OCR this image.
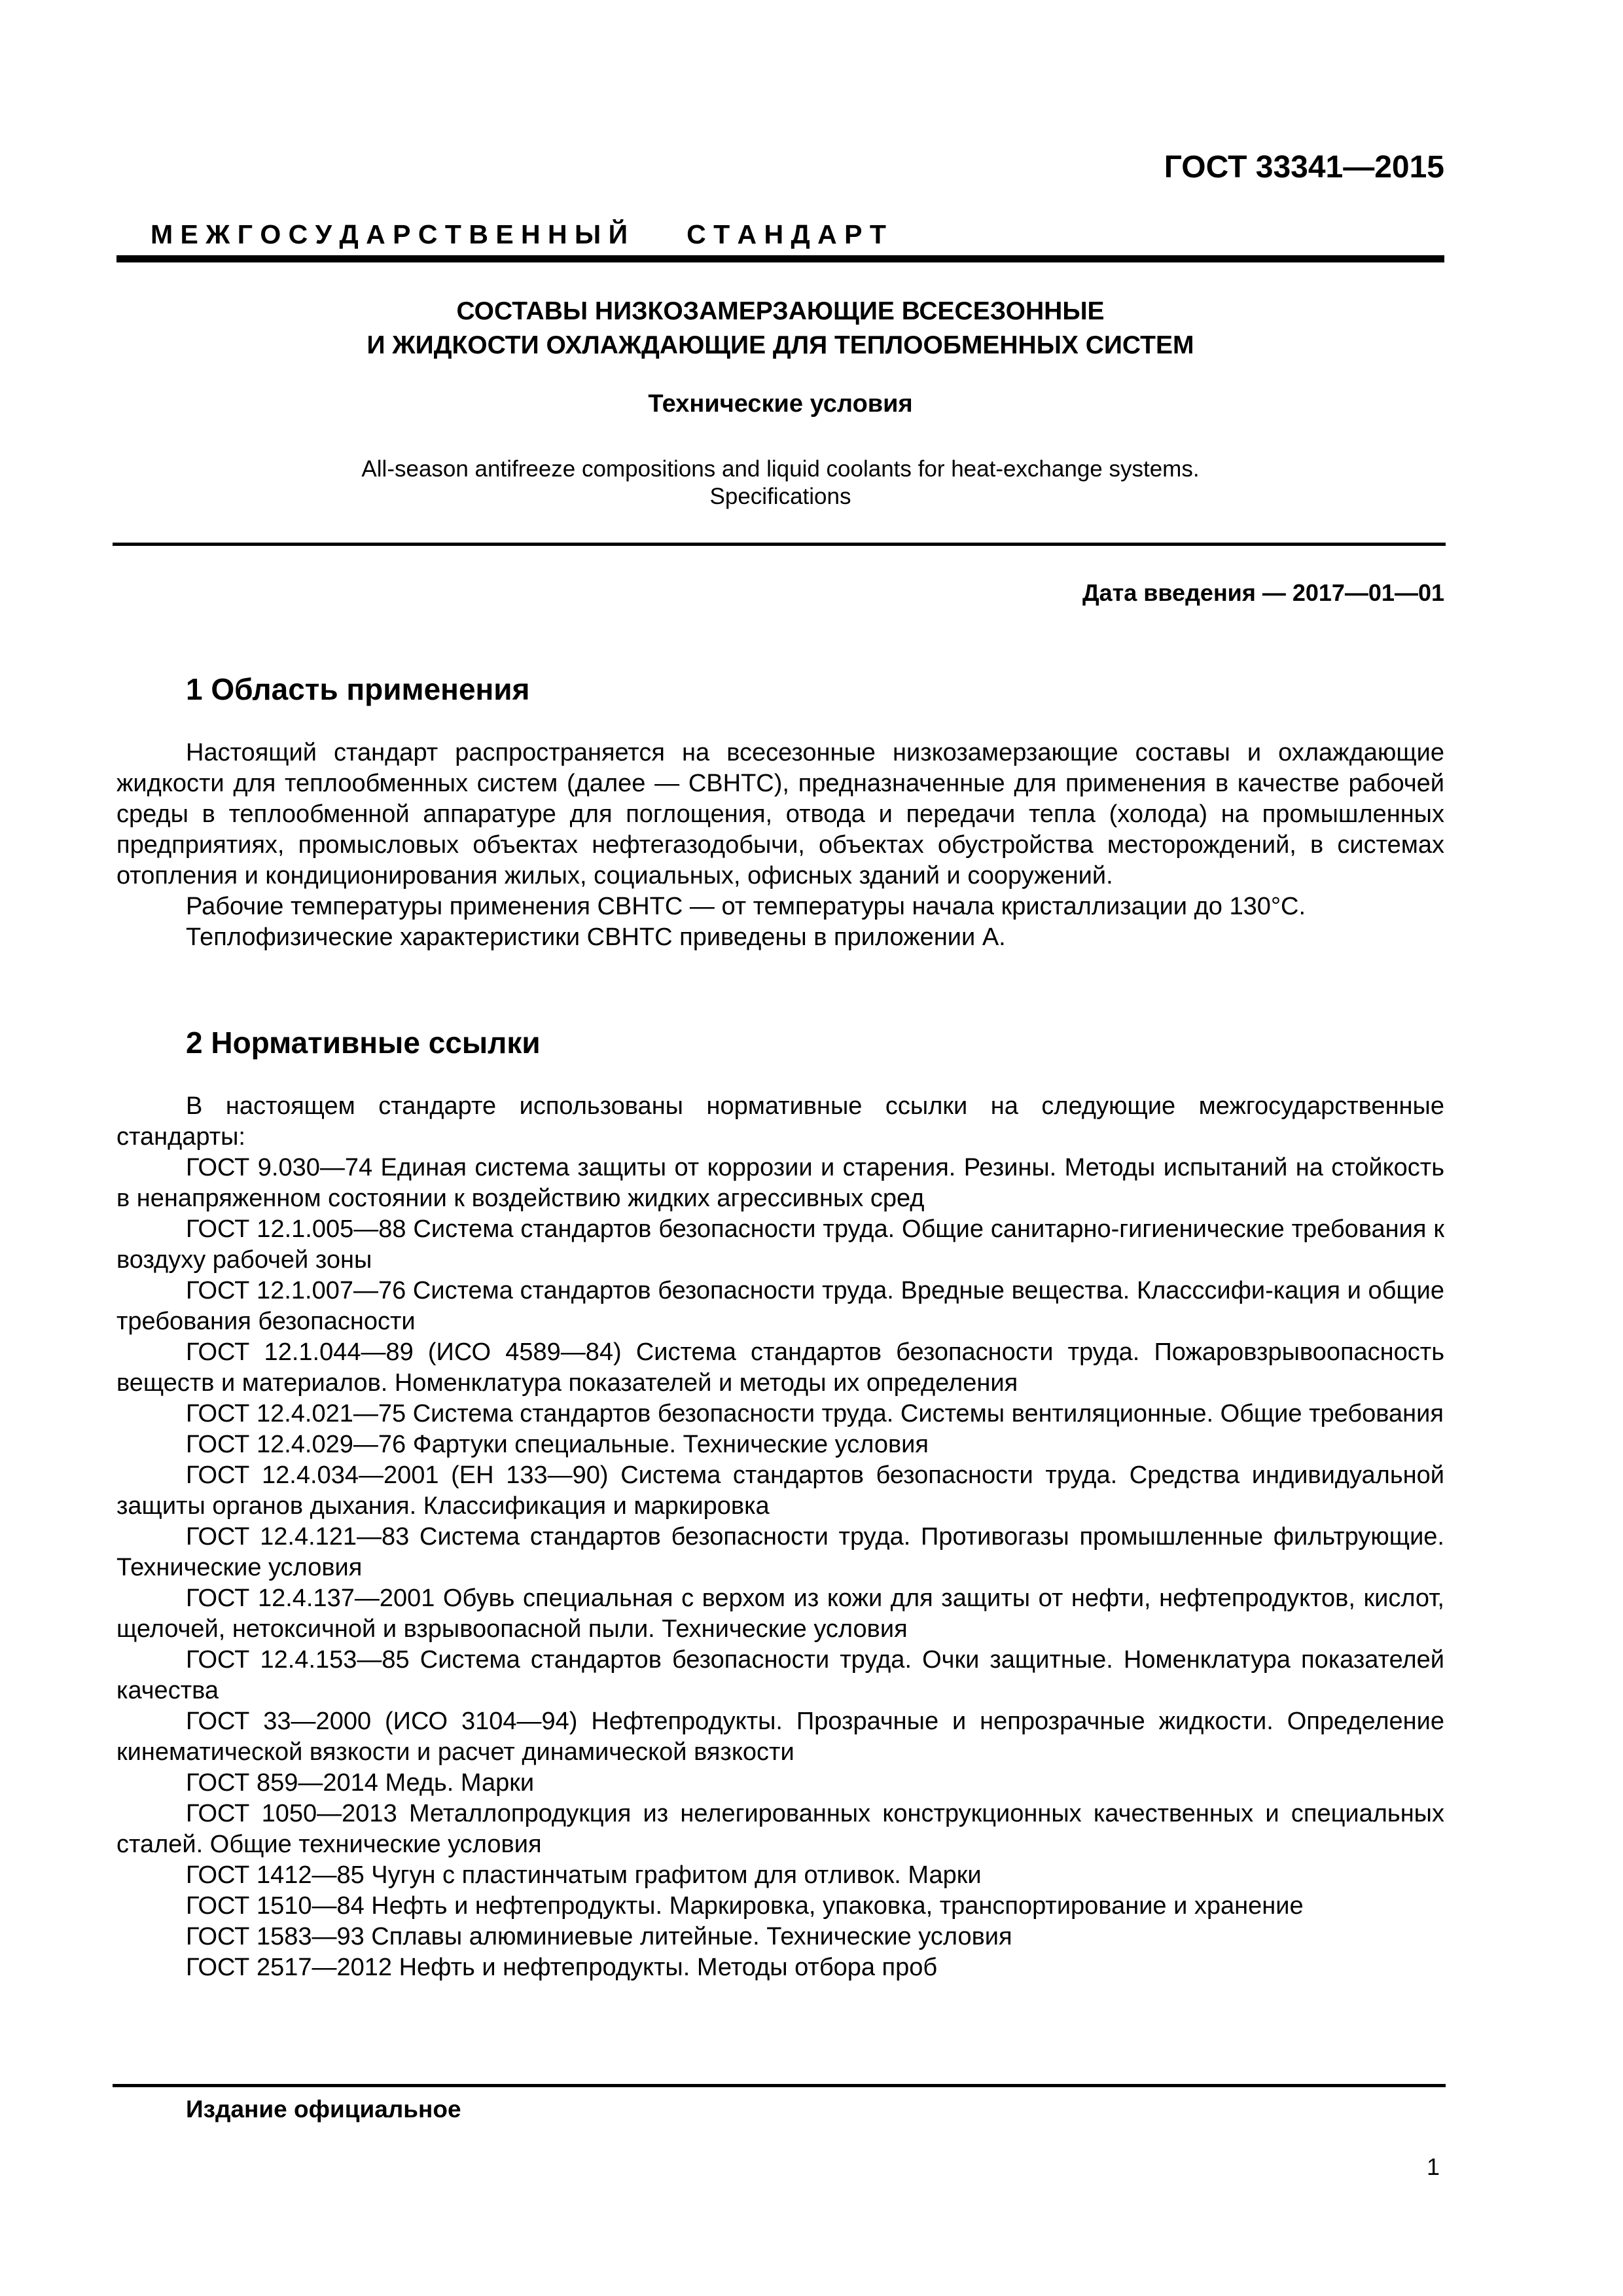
ГОСТ 33341—2015
М Е Ж Г О С У Д А Р С Т В Е Н Н Ы Й С Т А Н Д А Р Т
СОСТАВЫ НИЗКОЗАМЕРЗАЮЩИЕ ВСЕСЕЗОННЫЕ
И ЖИДКОСТИ ОХЛАЖДАЮЩИЕ ДЛЯ ТЕПЛООБМЕННЫХ СИСТЕМ
Технические условия
All-season antifreeze compositions and liquid coolants for heat-exchange systems.
Specifications
Дата введения — 2017—01—01
1 Область применения

Настоящий стандарт распространяется на всесезонные низкозамерзающие составы и охлаждающие жидкости для теплообменных систем (далее — СВНТС), предназначенные для применения в качестве рабочей среды в теплообменной аппаратуре для поглощения, отвода и передачи тепла (холода) на промышленных предприятиях, промысловых объектах нефтегазодобычи, объектах обустройства месторождений, в системах отопления и кондиционирования жилых, социальных, офисных зданий и сооружений.

Рабочие температуры применения СВНТС — от температуры начала кристаллизации до 130°С.

Теплофизические характеристики СВНТС приведены в приложении А.

2 Нормативные ссылки

В настоящем стандарте использованы нормативные ссылки на следующие межгосударственные стандарты:

ГОСТ 9.030—74 Единая система защиты от коррозии и старения. Резины. Методы испытаний на стойкость в ненапряженном состоянии к воздействию жидких агрессивных сред

ГОСТ 12.1.005—88 Система стандартов безопасности труда. Общие санитарно-гигиенические требования к воздуху рабочей зоны

ГОСТ 12.1.007—76 Система стандартов безопасности труда. Вредные вещества. Класссифи-кация и общие требования безопасности

ГОСТ 12.1.044—89 (ИСО 4589—84) Система стандартов безопасности труда. Пожаровзрывоопасность веществ и материалов. Номенклатура показателей и методы их определения

ГОСТ 12.4.021—75 Система стандартов безопасности труда. Системы вентиляционные. Общие требования

ГОСТ 12.4.029—76 Фартуки специальные. Технические условия

ГОСТ 12.4.034—2001 (ЕН 133—90) Система стандартов безопасности труда. Средства индивидуальной защиты органов дыхания. Классификация и маркировка

ГОСТ 12.4.121—83 Система стандартов безопасности труда. Противогазы промышленные фильтрующие. Технические условия

ГОСТ 12.4.137—2001 Обувь специальная с верхом из кожи для защиты от нефти, нефтепродуктов, кислот, щелочей, нетоксичной и взрывоопасной пыли. Технические условия

ГОСТ 12.4.153—85 Система стандартов безопасности труда. Очки защитные. Номенклатура показателей качества

ГОСТ 33—2000 (ИСО 3104—94) Нефтепродукты. Прозрачные и непрозрачные жидкости. Определение кинематической вязкости и расчет динамической вязкости

ГОСТ 859—2014 Медь. Марки

ГОСТ 1050—2013 Металлопродукция из нелегированных конструкционных качественных и специальных сталей. Общие технические условия

ГОСТ 1412—85 Чугун с пластинчатым графитом для отливок. Марки

ГОСТ 1510—84 Нефть и нефтепродукты. Маркировка, упаковка, транспортирование и хранение

ГОСТ 1583—93 Сплавы алюминиевые литейные. Технические условия

ГОСТ 2517—2012 Нефть и нефтепродукты. Методы отбора проб

Издание официальное
1
